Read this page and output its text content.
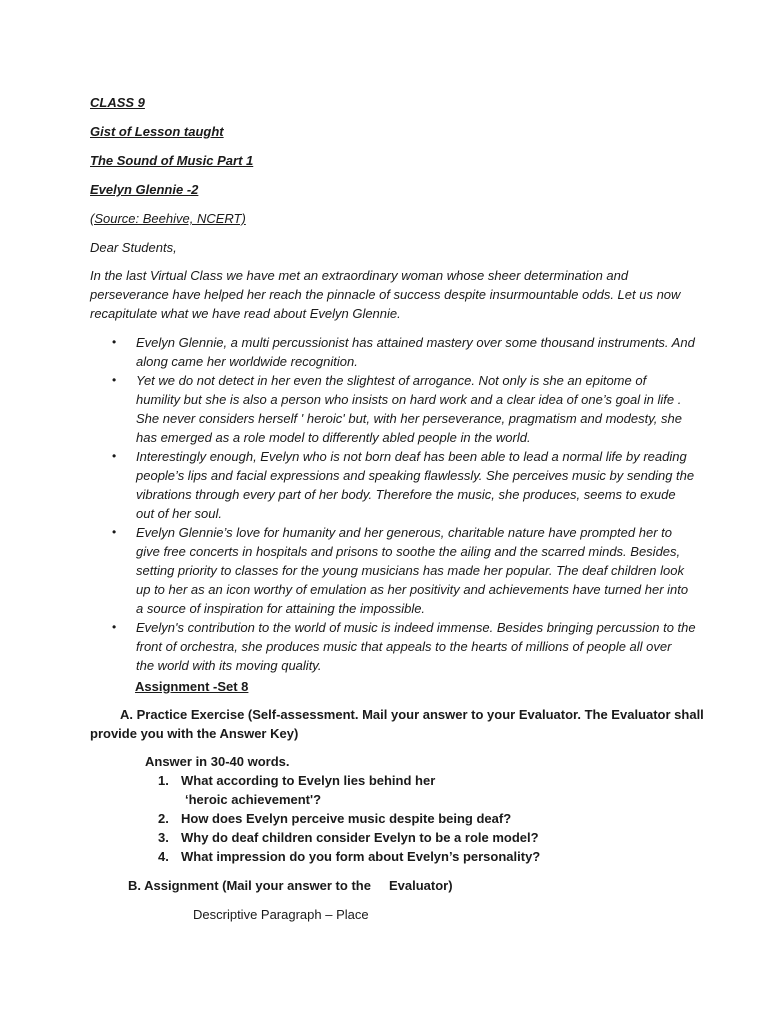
CLASS 9
Gist of Lesson taught
The Sound of Music Part 1
Evelyn Glennie -2
(Source: Beehive, NCERT)
Dear Students,
In the last Virtual Class we have met an extraordinary woman whose sheer determination and
perseverance have helped her reach the pinnacle of success despite insurmountable odds. Let us now
recapitulate what we have read about Evelyn Glennie.
• Evelyn Glennie, a multi percussionist has attained mastery over some thousand instruments. And
along came her worldwide recognition.
• Yet we do not detect in her even the slightest of arrogance. Not only is she an epitome of
humility but she is also a person who insists on hard work and a clear idea of one’s goal in life .
She never considers herself ' heroic' but, with her perseverance, pragmatism and modesty, she
has emerged as a role model to differently abled people in the world.
• Interestingly enough, Evelyn who is not born deaf has been able to lead a normal life by reading
people’s lips and facial expressions and speaking flawlessly. She perceives music by sending the
vibrations through every part of her body. Therefore the music, she produces, seems to exude
out of her soul.
• Evelyn Glennie’s love for humanity and her generous, charitable nature have prompted her to
give free concerts in hospitals and prisons to soothe the ailing and the scarred minds. Besides,
setting priority to classes for the young musicians has made her popular. The deaf children look
up to her as an icon worthy of emulation as her positivity and achievements have turned her into
a source of inspiration for attaining the impossible.
• Evelyn's contribution to the world of music is indeed immense. Besides bringing percussion to the
front of orchestra, she produces music that appeals to the hearts of millions of people all over
the world with its moving quality.
Assignment -Set 8
A. Practice Exercise (Self-assessment. Mail your answer to your Evaluator. The Evaluator shall
provide you with the Answer Key)
Answer in 30-40 words.
1. What according to Evelyn lies behind her
‘heroic achievement'?
2. How does Evelyn perceive music despite being deaf?
3. Why do deaf children consider Evelyn to be a role model?
4. What impression do you form about Evelyn’s personality?
B. Assignment (Mail your answer to the     Evaluator)
Descriptive Paragraph – Place
